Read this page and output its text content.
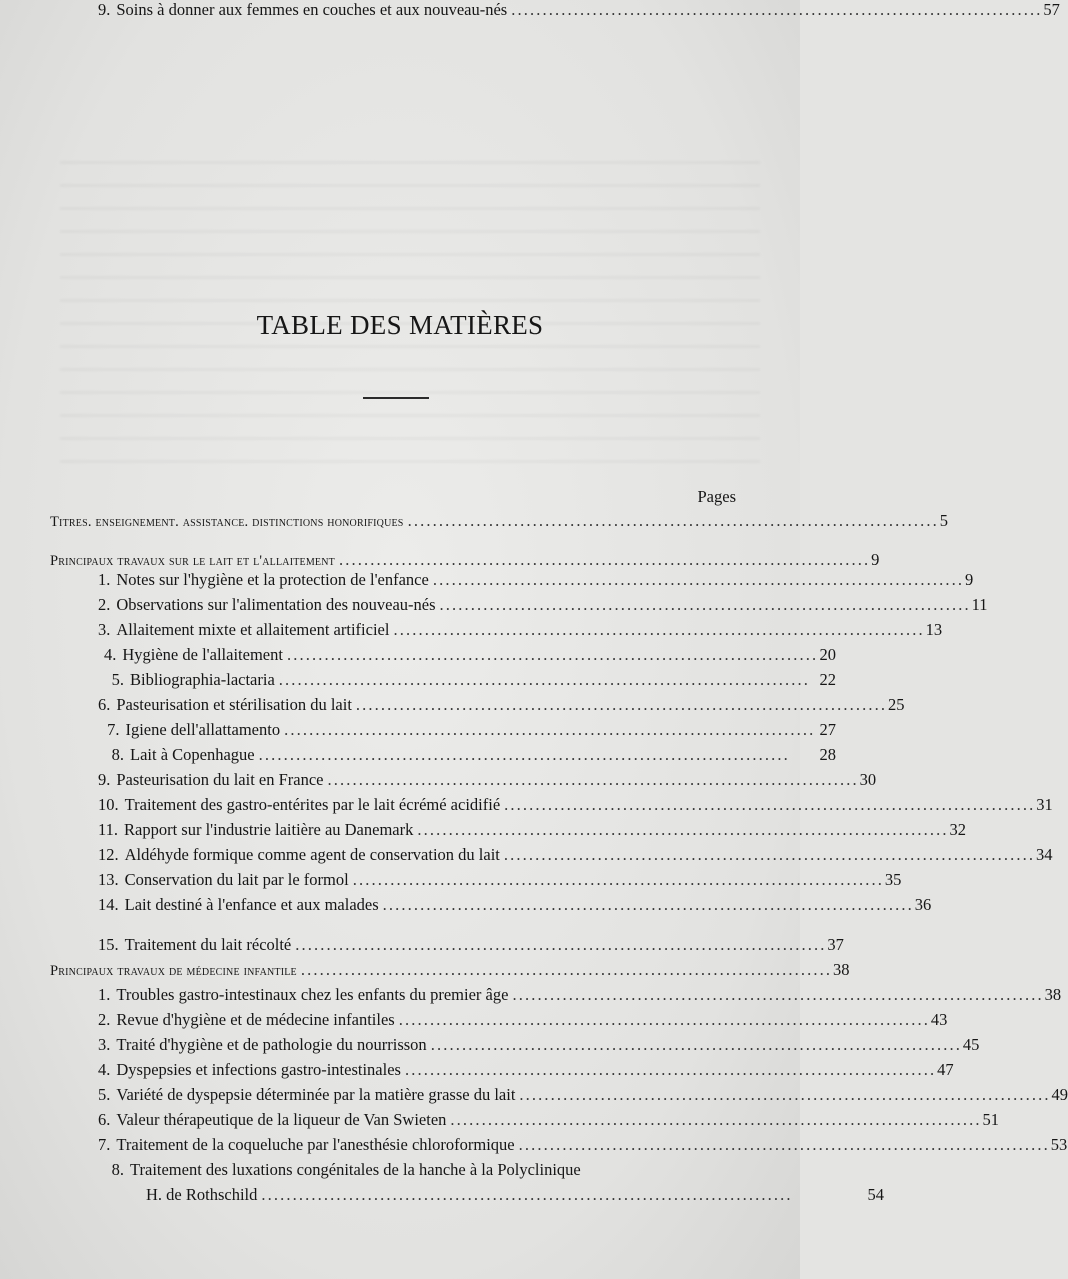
TABLE DES MATIÈRES
Pages
Titres. enseignement. assistance. distinctions honorifiques . . .	5
Principaux travaux sur le lait et l'allaitement . . .	9
1. Notes sur l'hygiène et la protection de l'enfance . . .	9
2. Observations sur l'alimentation des nouveau-nés . . .	11
3. Allaitement mixte et allaitement artificiel . . .	13
4. Hygiène de l'allaitement . . .	20
5. Bibliographia-lactaria . . .	22
6. Pasteurisation et stérilisation du lait . . .	25
7. Igiene dell'allattamento . . .	27
8. Lait à Copenhague . . .	28
9. Pasteurisation du lait en France . . .	30
10. Traitement des gastro-entérites par le lait écrémé acidifié . . .	31
11. Rapport sur l'industrie laitière au Danemark . . .	32
12. Aldéhyde formique comme agent de conservation du lait . . .	34
13. Conservation du lait par le formol . . .	35
14. Lait destiné à l'enfance et aux malades . . .	36
15. Traitement du lait récolté . . .	37
Principaux travaux de médecine infantile . . .	38
1. Troubles gastro-intestinaux chez les enfants du premier âge . . .	38
2. Revue d'hygiène et de médecine infantiles . . .	43
3. Traité d'hygiène et de pathologie du nourrisson . . .	45
4. Dyspepsies et infections gastro-intestinales . . .	47
5. Variété de dyspepsie déterminée par la matière grasse du lait . . .	49
6. Valeur thérapeutique de la liqueur de Van Swieten . . .	51
7. Traitement de la coqueluche par l'anesthésie chloroformique . . .	53
8. Traitement des luxations congénitales de la hanche à la Polyclinique
H. de Rothschild . . .	54
9. Soins à donner aux femmes en couches et aux nouveau-nés . . .	57
